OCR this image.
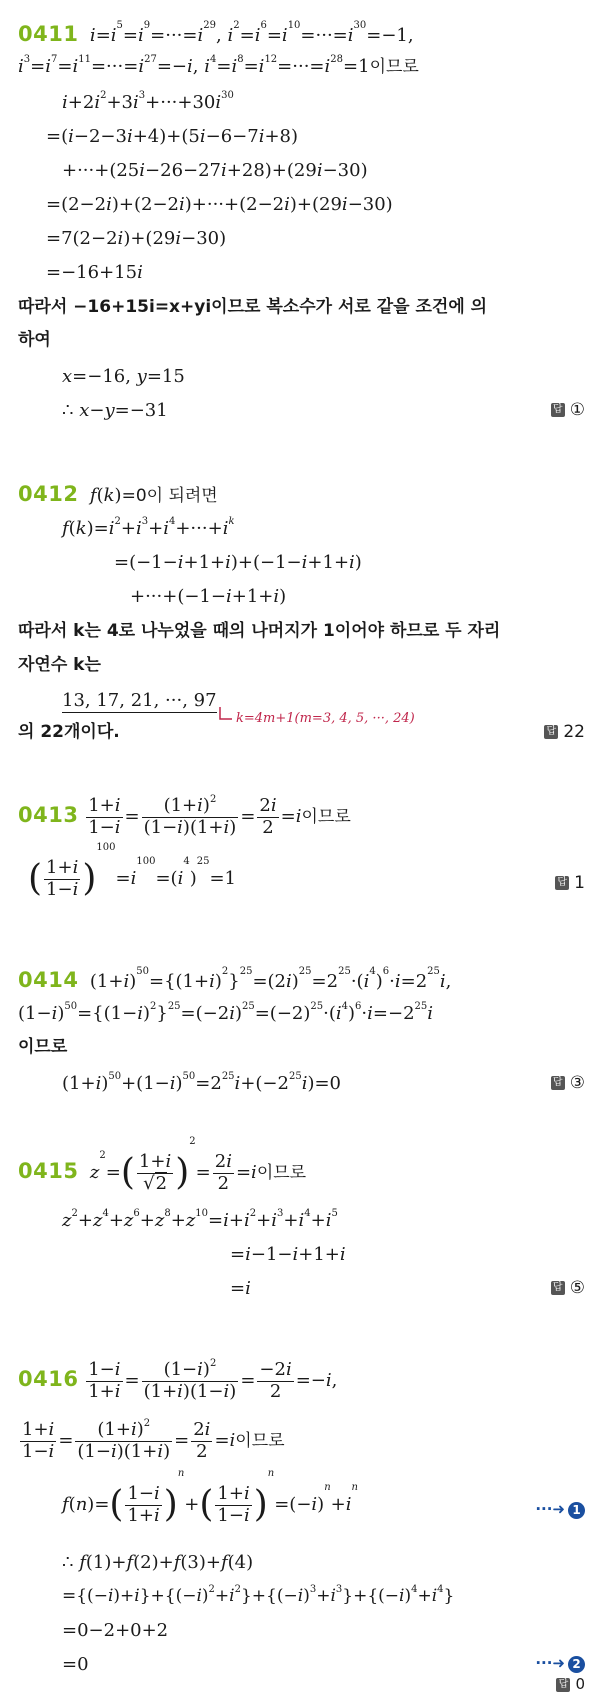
0411 $i=i^5=i^9=\cdot\cdot\cdot=i^{29}$, $i^2=i^6=i^{10}=\cdot\cdot\cdot=i^{30}=-1$,
$i^3=i^7=i^{11}=\cdot\cdot\cdot=i^{27}=-i$, $i^4=i^8=i^{12}=\cdot\cdot\cdot=i^{28}=1$이므로
$i+2i^2+3i^3+\cdot\cdot\cdot+30i^{30}$
=(i−2−3i+4)+(5i−6−7i+8)
+···+(25i−26−27i+28)+(29i−30)
=(2−2i)+(2−2i)+···+(2−2i)+(29i−30)
=7(2−2i)+(29i−30)
=−16+15i
따라서 −16+15i=x+yi이므로 복소수가 서로 같을 조건에 의
하여
x=−16, y=15
∴ x−y=−31	답 ①
0412 f(k)=0이 되려면
$f(k)=i^2+i^3+i^4+\cdot\cdot\cdot+i^k$
=(−1−i+1+i)+(−1−i+1+i)
+···+(−1−i+1+i)
따라서 k는 4로 나누었을 때의 나머지가 1이어야 하므로 두 자리
자연수 k는
13, 17, 21, ···, 97
k=4m+1(m=3, 4, 5, ···, 24)
의 22개이다.	답 22
$0413 \frac{1+i}{1-i} = \frac{(1+i)^2}{(1-i)(1+i)} = \frac{2i}{2} =i$이므로
( $\frac{1+i}{1-i} )^{100}=i^{100}=(i^4)^{25}=1$	답 1
0414  $(1+i)^{50}=\{(1+i)^2\}^{25}=(2i)^{25}=2^{25}\cdot(i^4)^6\cdot i=2^{25}i$,
$(1-i)^{50}=\{(1-i)^2\}^{25}=(-2i)^{25}=(-2)^{25}\cdot(i^4)^6\cdot i=-2^{25}i$
이므로
$(1+i)^{50}+(1-i)^{50}=2^{25}i+(-2^{25}i)=0$	답 ③
0415 $z^2=( \frac{1+i}{√2} )^2= \frac{2i}{2} =i$이므로
$z^2+z^4+z^6+z^8+z^{10}=i+i^2+i^3+i^4+i^5$
=i−1−i+1+i
=i	답 ⑤
$0416 \frac{1-i}{1+i} = \frac{(1-i)^2}{(1+i)(1-i)} = \frac{-2i}{2} =-i$,
$\frac{1+i}{1-i} = \frac{(1+i)^2}{(1-i)(1+i)} = \frac{2i}{2} =i$이므로
$f(n)=( \frac{1-i}{1+i} )^n+( \frac{1+i}{1-i} )^n=(-i)^n+i^n$
···➜ 1
∴ f(1)+f(2)+f(3)+f(4)
$=\{(-i)+i\}+\{(-i)^2+i^2\}+\{(-i)^3+i^3\}+\{(-i)^4+i^4\}$
=0−2+0+2
=0	···➜ 2
답 0
